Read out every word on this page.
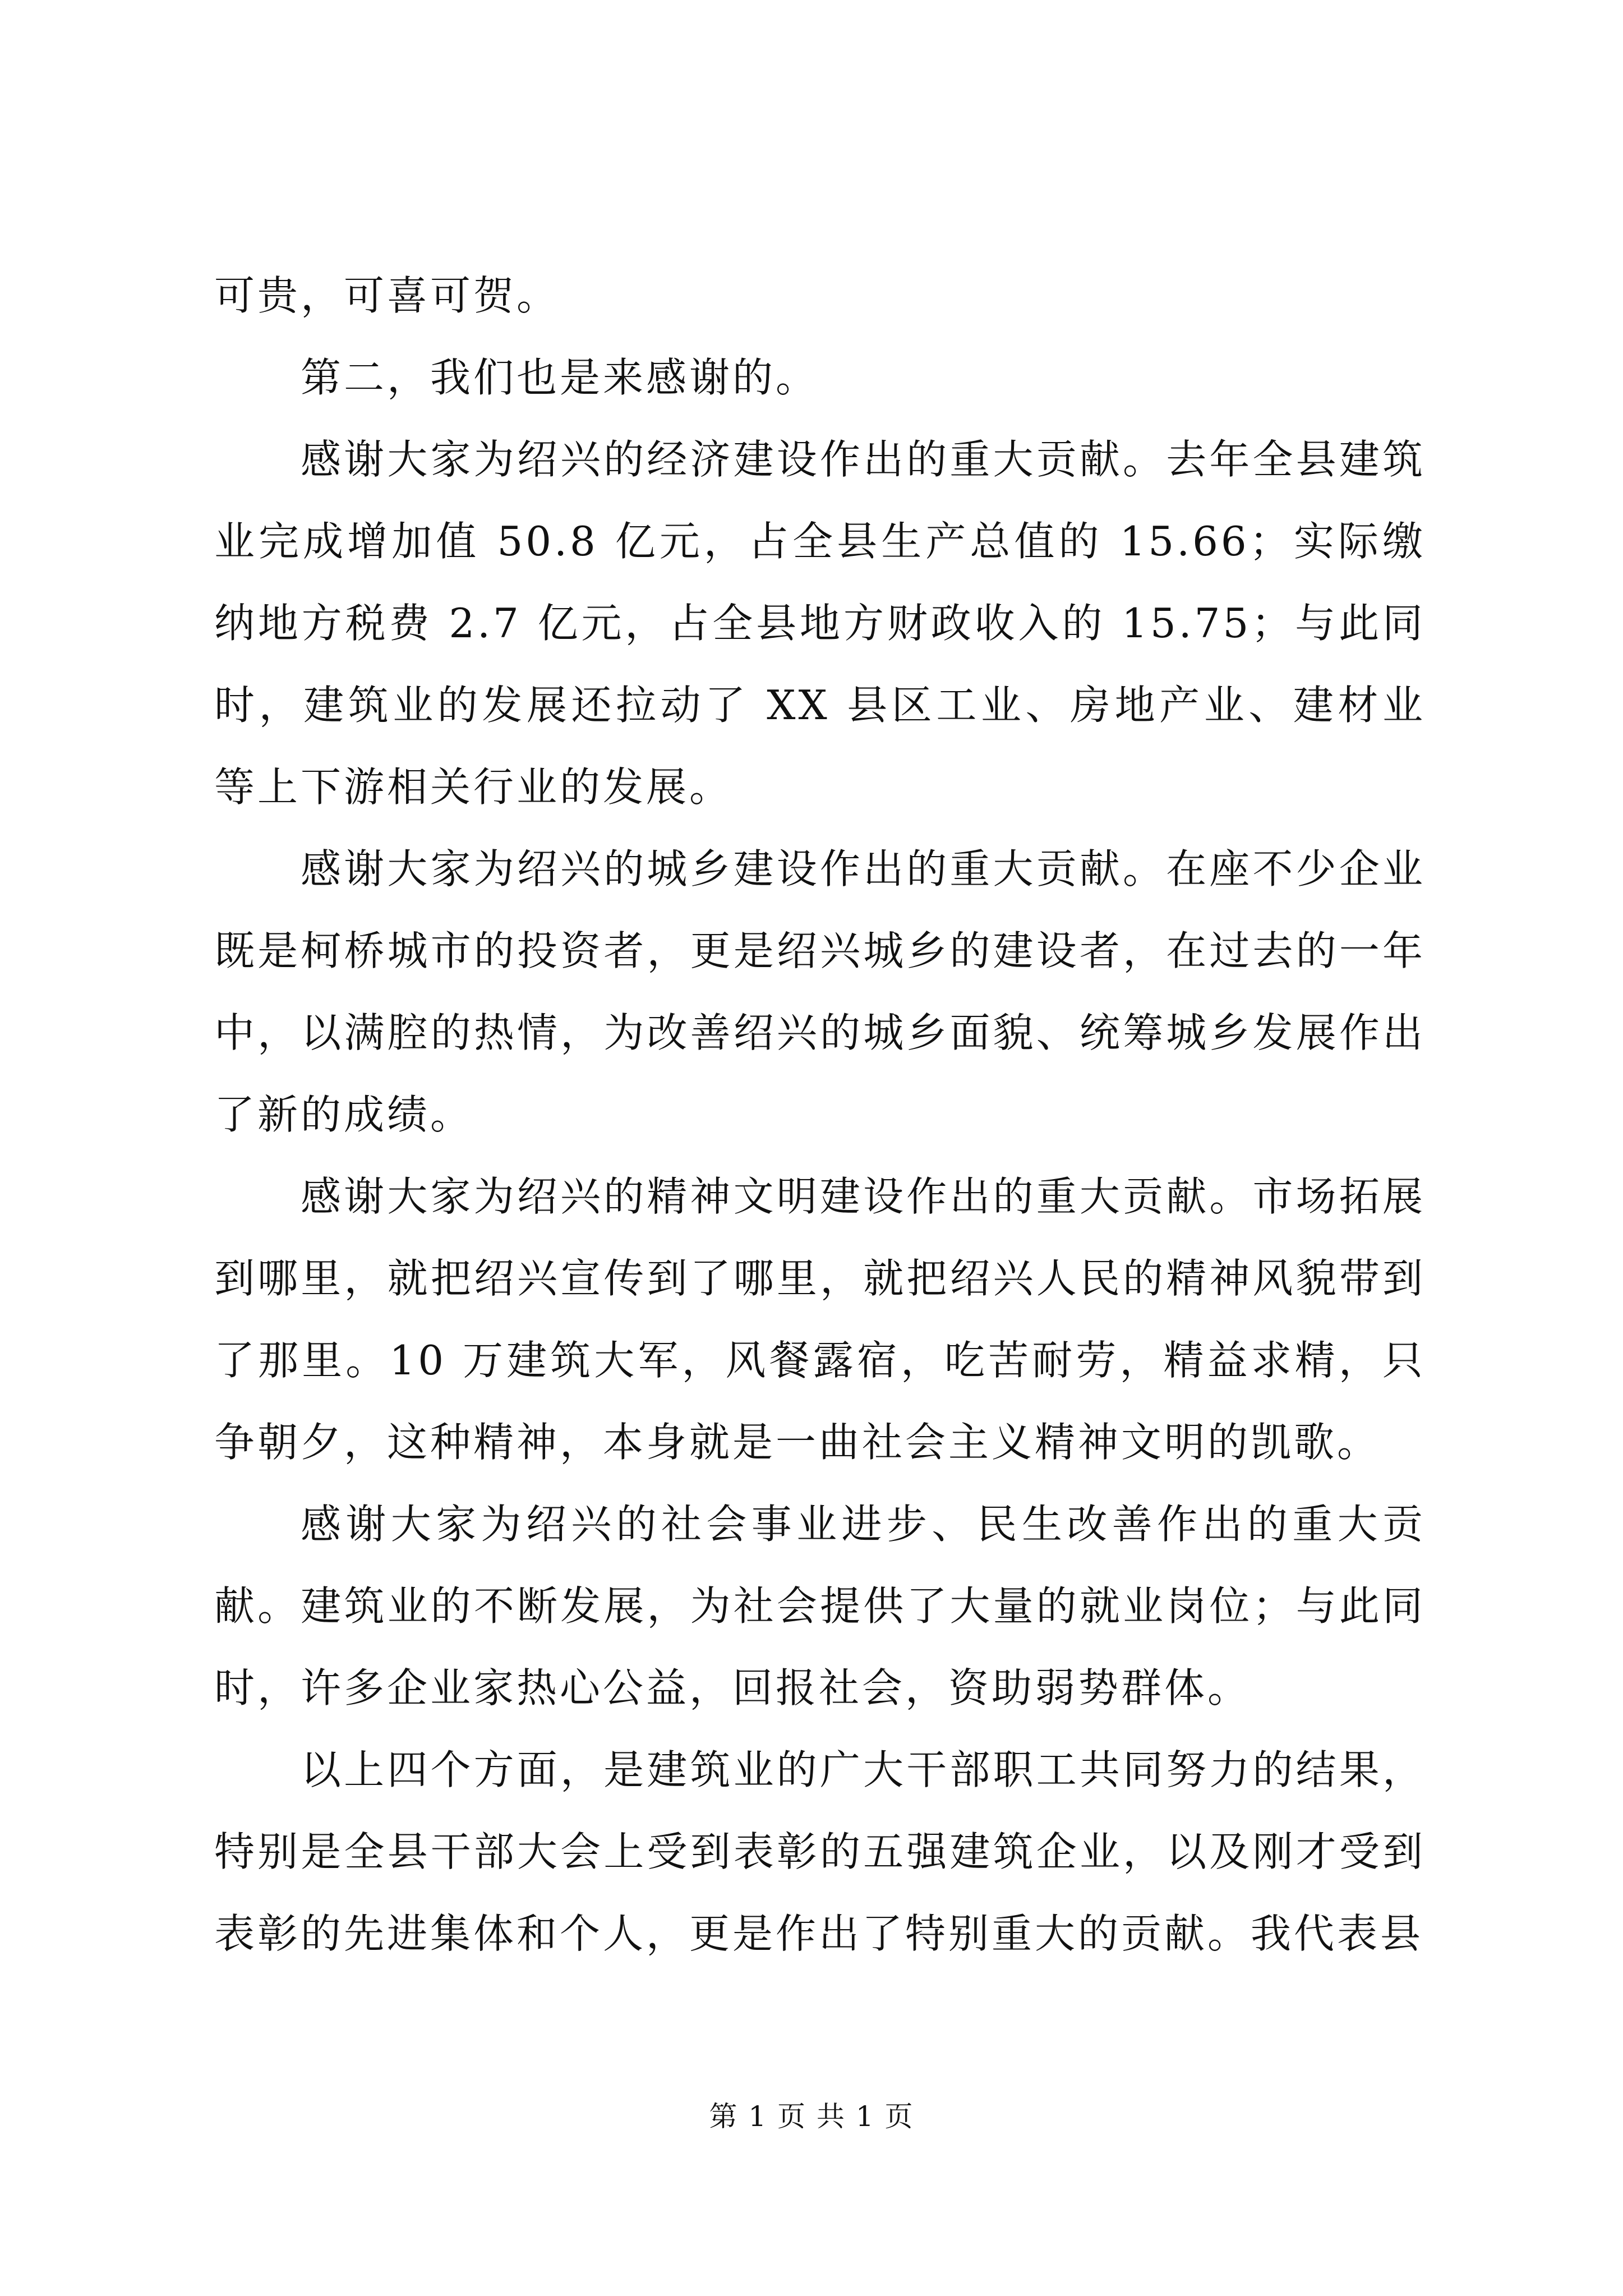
可贵，可喜可贺。

第二，我们也是来感谢的。

感谢大家为绍兴的经济建设作出的重大贡献。去年全县建筑业完成增加值 50.8 亿元，占全县生产总值的 15.66；实际缴纳地方税费 2.7 亿元，占全县地方财政收入的 15.75；与此同时，建筑业的发展还拉动了 XX 县区工业、房地产业、建材业等上下游相关行业的发展。

感谢大家为绍兴的城乡建设作出的重大贡献。在座不少企业既是柯桥城市的投资者，更是绍兴城乡的建设者，在过去的一年中，以满腔的热情，为改善绍兴的城乡面貌、统筹城乡发展作出了新的成绩。

感谢大家为绍兴的精神文明建设作出的重大贡献。市场拓展到哪里，就把绍兴宣传到了哪里，就把绍兴人民的精神风貌带到了那里。10 万建筑大军，风餐露宿，吃苦耐劳，精益求精，只争朝夕，这种精神，本身就是一曲社会主义精神文明的凯歌。

感谢大家为绍兴的社会事业进步、民生改善作出的重大贡献。建筑业的不断发展，为社会提供了大量的就业岗位；与此同时，许多企业家热心公益，回报社会，资助弱势群体。

以上四个方面，是建筑业的广大干部职工共同努力的结果，特别是全县干部大会上受到表彰的五强建筑企业，以及刚才受到表彰的先进集体和个人，更是作出了特别重大的贡献。我代表县

第 1 页 共 1 页
